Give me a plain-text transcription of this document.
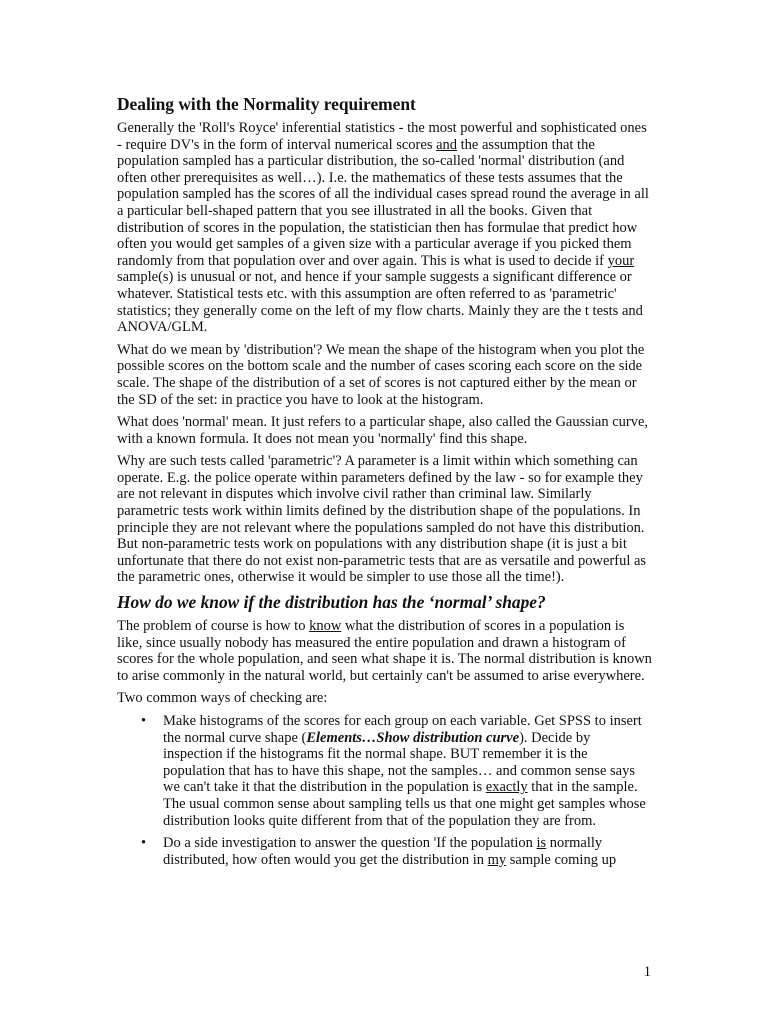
Dealing with the Normality requirement

Generally the 'Roll's Royce' inferential statistics - the most powerful and sophisticated ones - require DV's in the form of interval numerical scores and the assumption that the population sampled has a particular distribution, the so-called 'normal' distribution (and often other prerequisites as well…). I.e. the mathematics of these tests assumes that the population sampled has the scores of all the individual cases spread round the average in all a particular bell-shaped pattern that you see illustrated in all the books. Given that distribution of scores in the population, the statistician then has formulae that predict how often you would get samples of a given size with a particular average if you picked them randomly from that population over and over again. This is what is used to decide if your sample(s) is unusual or not, and hence if your sample suggests a significant difference or whatever. Statistical tests etc. with this assumption are often referred to as 'parametric' statistics; they generally come on the left of my flow charts. Mainly they are the t tests and ANOVA/GLM.

What do we mean by 'distribution'? We mean the shape of the histogram when you plot the possible scores on the bottom scale and the number of cases scoring each score on the side scale. The shape of the distribution of a set of scores is not captured either by the mean or the SD of the set: in practice you have to look at the histogram.

What does 'normal' mean. It just refers to a particular shape, also called the Gaussian curve, with a known formula. It does not mean you 'normally' find this shape.

Why are such tests called 'parametric'? A parameter is a limit within which something can operate. E.g. the police operate within parameters defined by the law - so for example they are not relevant in disputes which involve civil rather than criminal law. Similarly parametric tests work within limits defined by the distribution shape of the populations. In principle they are not relevant where the populations sampled do not have this distribution. But non-parametric tests work on populations with any distribution shape (it is just a bit unfortunate that there do not exist non-parametric tests that are as versatile and powerful as the parametric ones, otherwise it would be simpler to use those all the time!).

How do we know if the distribution has the ‘normal’ shape?

The problem of course is how to know what the distribution of scores in a population is like, since usually nobody has measured the entire population and drawn a histogram of scores for the whole population, and seen what shape it is. The normal distribution is known to arise commonly in the natural world, but certainly can't be assumed to arise everywhere.

Two common ways of checking are:

• Make histograms of the scores for each group on each variable. Get SPSS to insert the normal curve shape (Elements…Show distribution curve). Decide by inspection if the histograms fit the normal shape. BUT remember it is the population that has to have this shape, not the samples… and common sense says we can't take it that the distribution in the population is exactly that in the sample. The usual common sense about sampling tells us that one might get samples whose distribution looks quite different from that of the population they are from.
• Do a side investigation to answer the question 'If the population is normally distributed, how often would you get the distribution in my sample coming up
1
